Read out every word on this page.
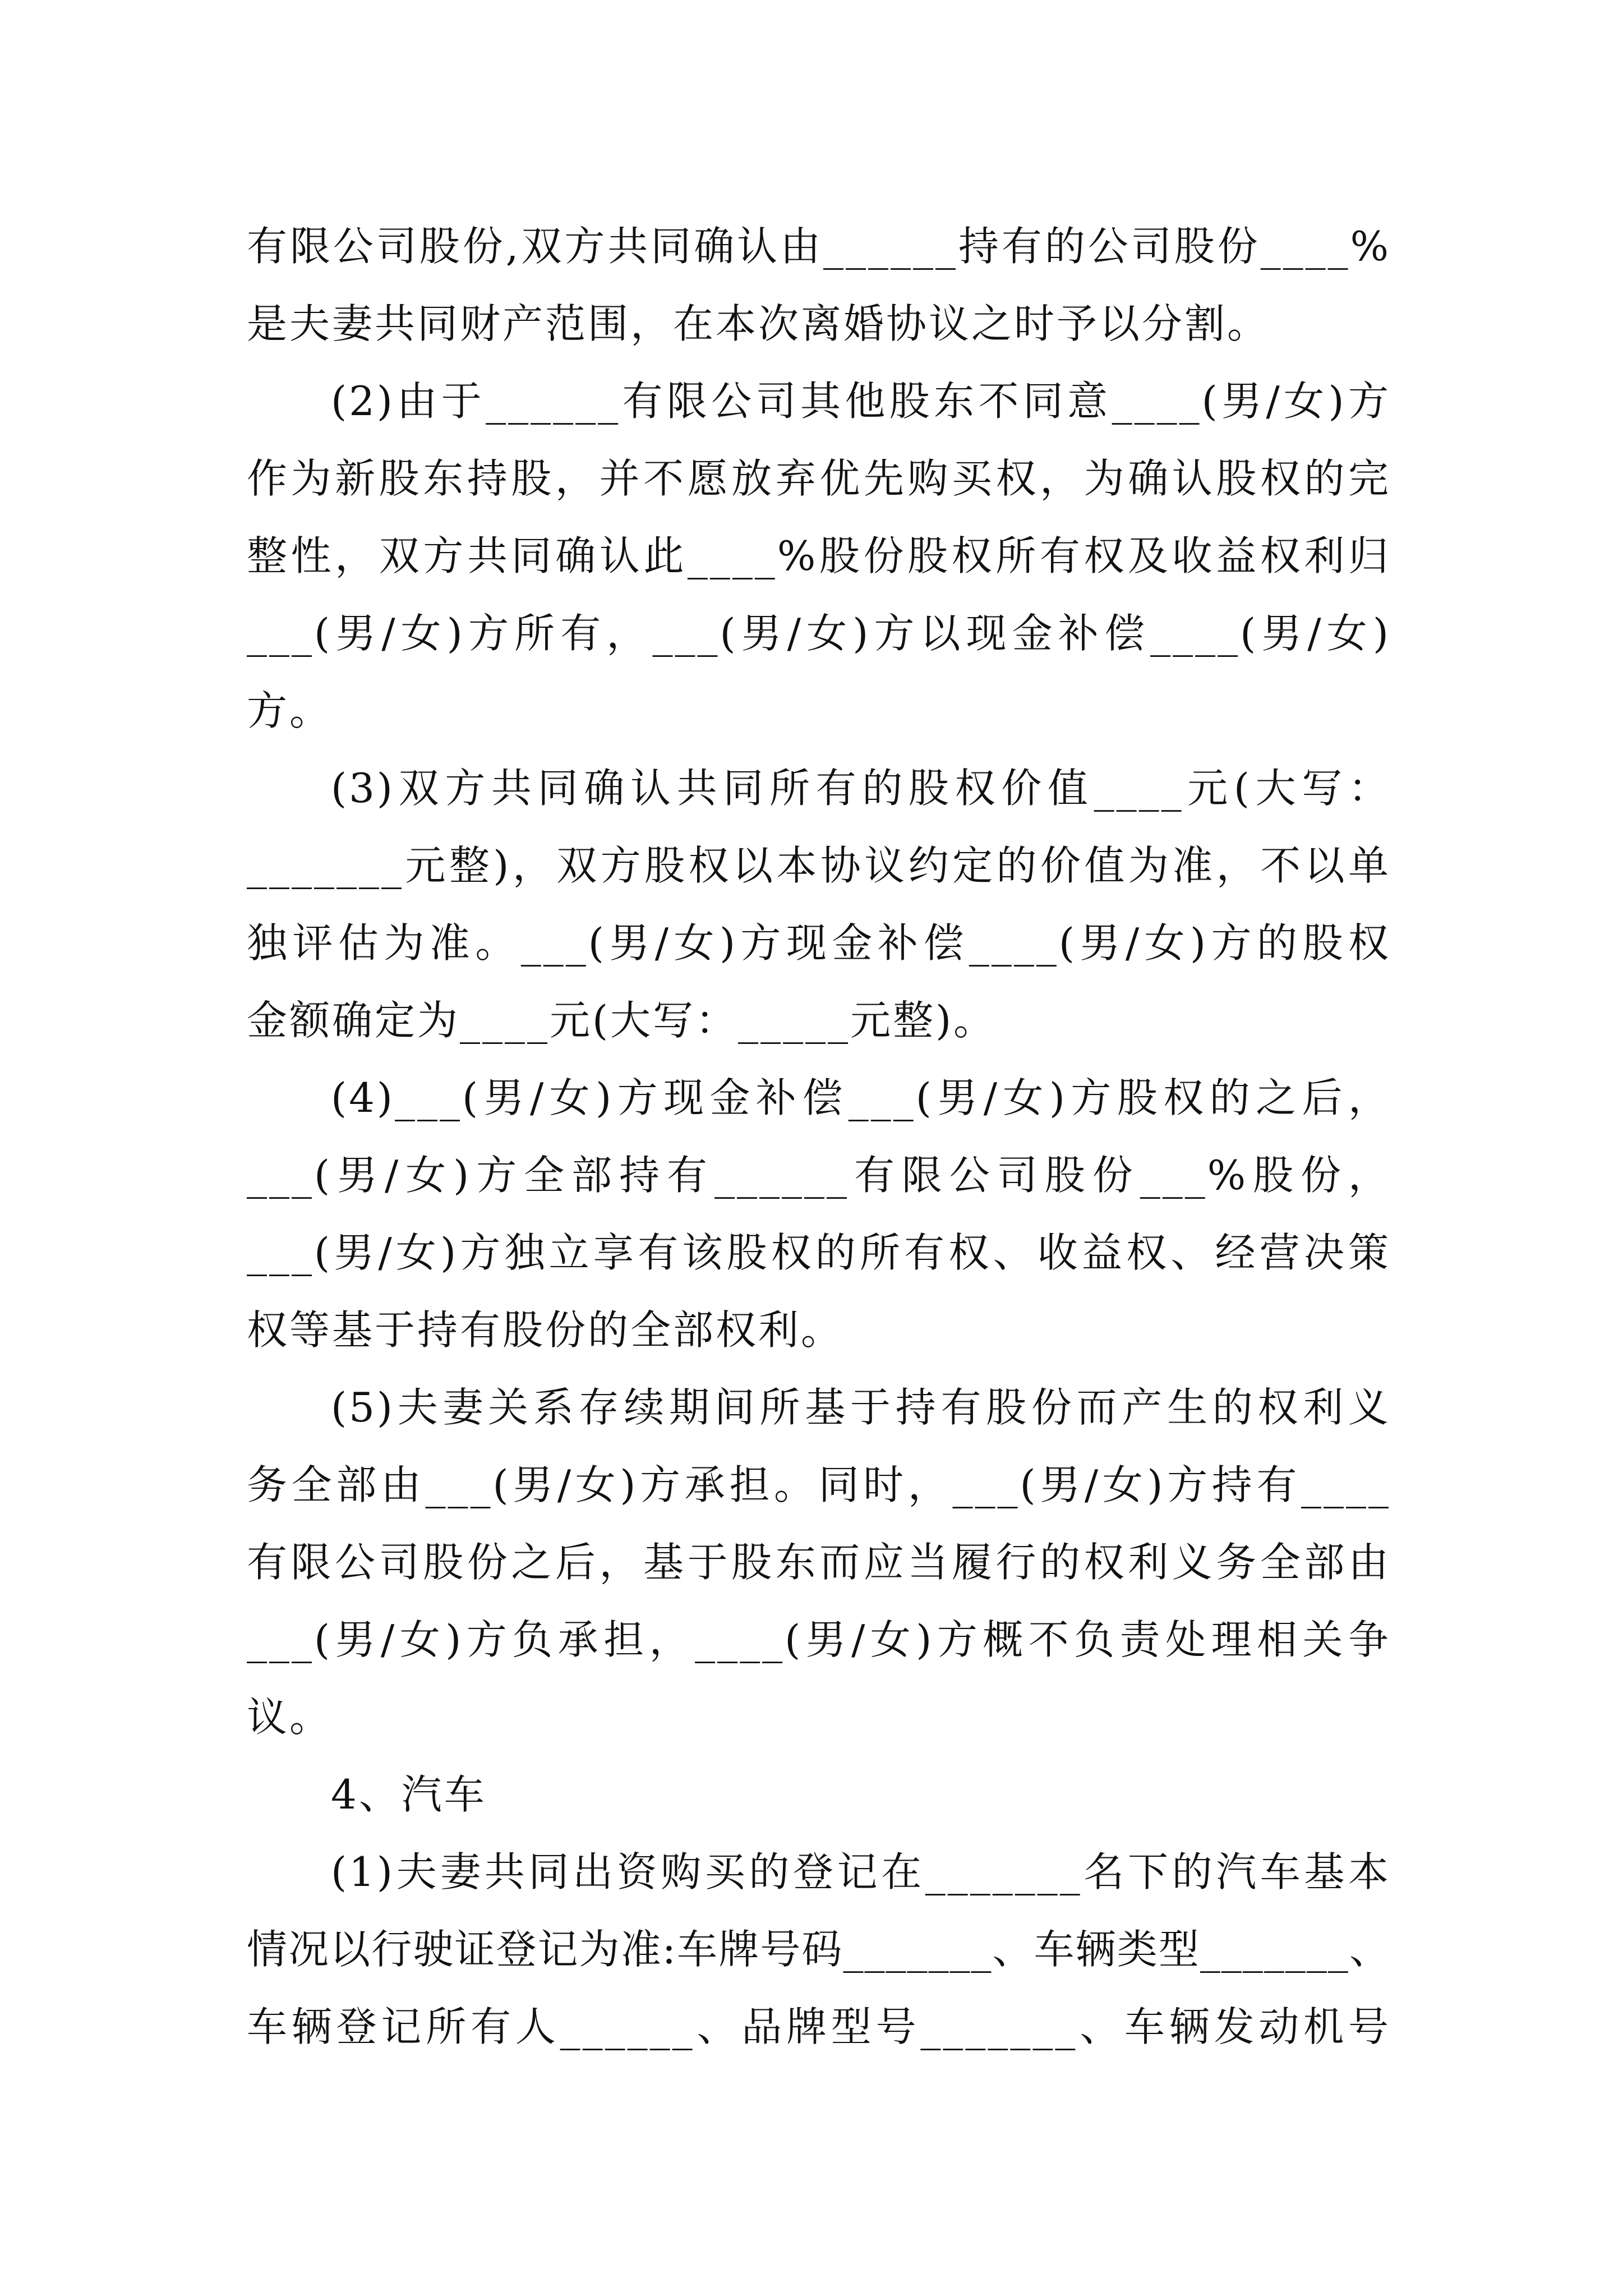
有限公司股份,双方共同确认由______持有的公司股份____%
是夫妻共同财产范围，在本次离婚协议之时予以分割。
(2)由于______有限公司其他股东不同意____(男/女)方
作为新股东持股，并不愿放弃优先购买权，为确认股权的完
整性，双方共同确认此____%股份股权所有权及收益权利归
___(男/女)方所有，___(男/女)方以现金补偿____(男/女)
方。
(3)双方共同确认共同所有的股权价值____元(大写：
_______元整)，双方股权以本协议约定的价值为准，不以单
独评估为准。___(男/女)方现金补偿____(男/女)方的股权
金额确定为____元(大写：_____元整)。
(4)___(男/女)方现金补偿___(男/女)方股权的之后，
___(男/女)方全部持有______有限公司股份___%股份，
___(男/女)方独立享有该股权的所有权、收益权、经营决策
权等基于持有股份的全部权利。
(5)夫妻关系存续期间所基于持有股份而产生的权利义
务全部由___(男/女)方承担。同时，___(男/女)方持有____
有限公司股份之后，基于股东而应当履行的权利义务全部由
___(男/女)方负承担，____(男/女)方概不负责处理相关争
议。
4、汽车
(1)夫妻共同出资购买的登记在_______名下的汽车基本
情况以行驶证登记为准:车牌号码_______、车辆类型_______、
车辆登记所有人______、品牌型号_______、车辆发动机号
